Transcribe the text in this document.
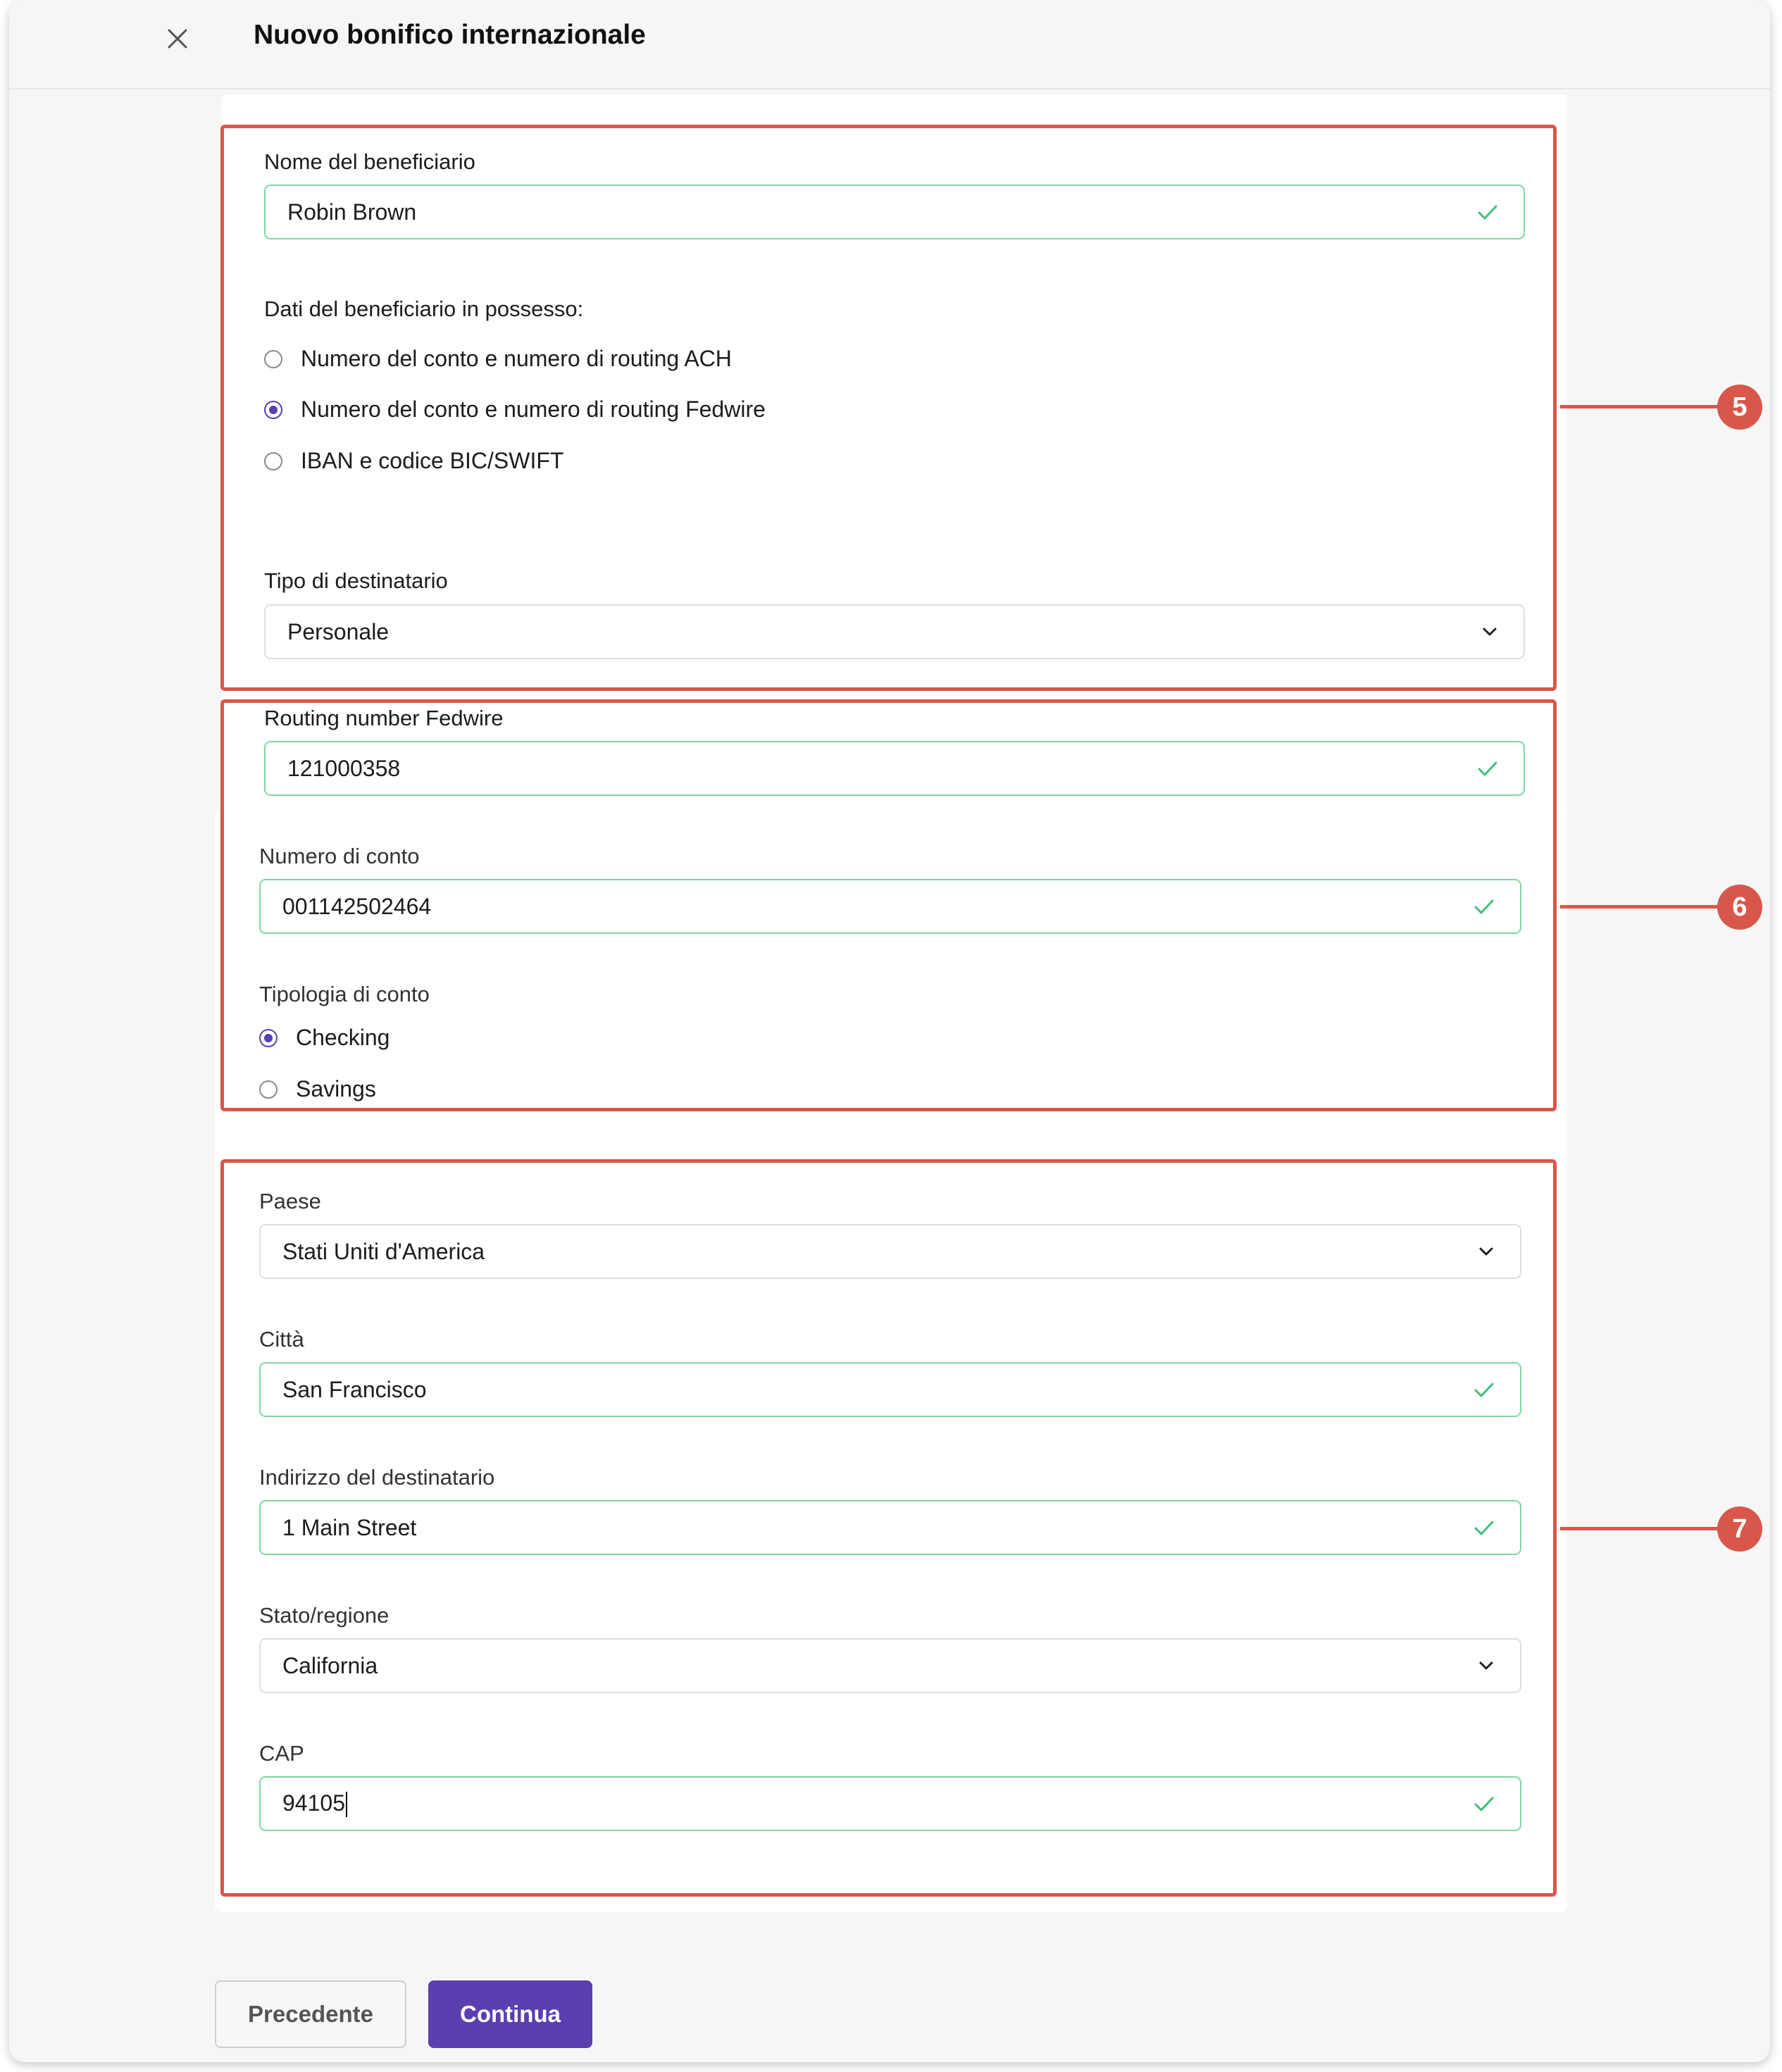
Nuovo bonifico internazionale
Nome del beneficiario
Robin Brown
Dati del beneficiario in possesso:
Numero del conto e numero di routing ACH
Numero del conto e numero di routing Fedwire
IBAN e codice BIC/SWIFT
Tipo di destinatario
Personale
Routing number Fedwire
121000358
Numero di conto
001142502464
Tipologia di conto
Checking
Savings
Paese
Stati Uniti d'America
Città
San Francisco
Indirizzo del destinatario
1 Main Street
Stato/regione
California
CAP
94105
5
6
7
Precedente	Continua
